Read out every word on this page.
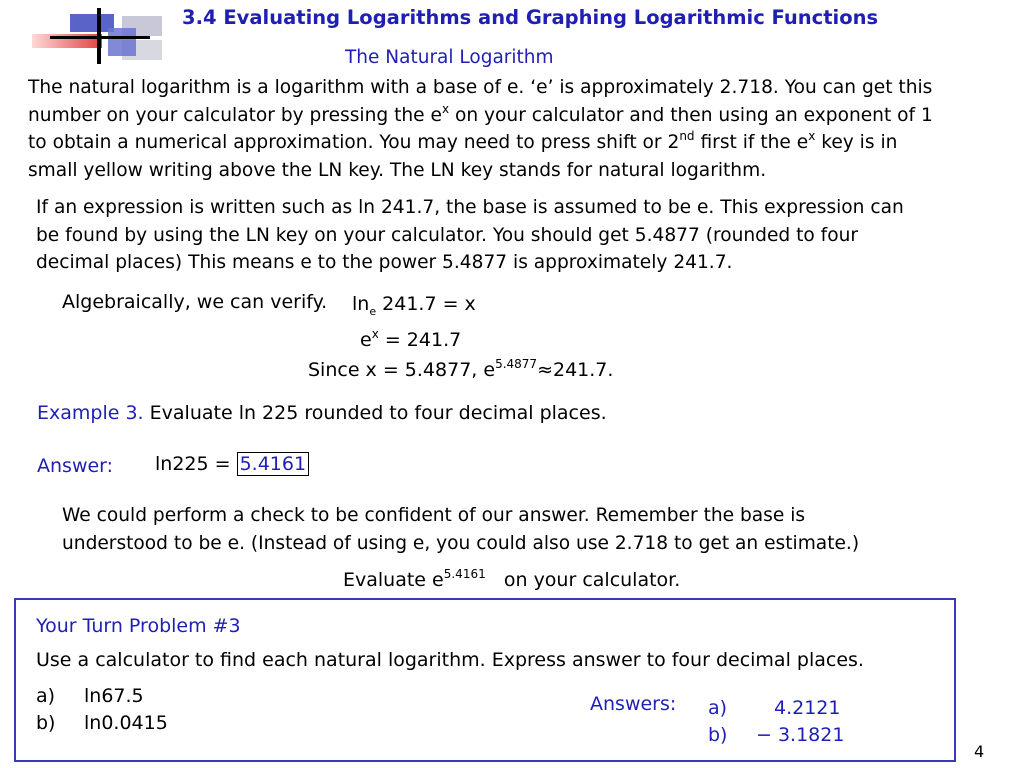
3.4 Evaluating Logarithms and Graphing Logarithmic Functions
The Natural Logarithm
The natural logarithm is a logarithm with a base of e. ‘e’ is approximately 2.718. You can get this
number on your calculator by pressing the $e^x$ on your calculator and then using an exponent of 1
to obtain a numerical approximation. You may need to press shift or 2nd first if the $e^x$ key is in
small yellow writing above the LN key. The LN key stands for natural logarithm.
If an expression is written such as ln 241.7, the base is assumed to be e. This expression can
be found by using the LN key on your calculator. You should get 5.4877 (rounded to four
decimal places) This means e to the power 5.4877 is approximately 241.7.
Algebraically, we can verify. $\ln_e 241.7 = x$
$e^x = 241.7$
Since x = 5.4877, $e^{5.4877}\approx 241.7$.
Example 3. Evaluate ln 225 rounded to four decimal places.
Answer: ln225 = 5.4161
We could perform a check to be confident of our answer. Remember the base is
understood to be e. (Instead of using e, you could also use 2.718 to get an estimate.)
Evaluate $e^{5.4161}$ on your calculator.
Your Turn Problem #3
Use a calculator to find each natural logarithm. Express answer to four decimal places.
a) ln67.5
b) ln0.0415
Answers: a) 4.2121
b) − 3.1821
4
